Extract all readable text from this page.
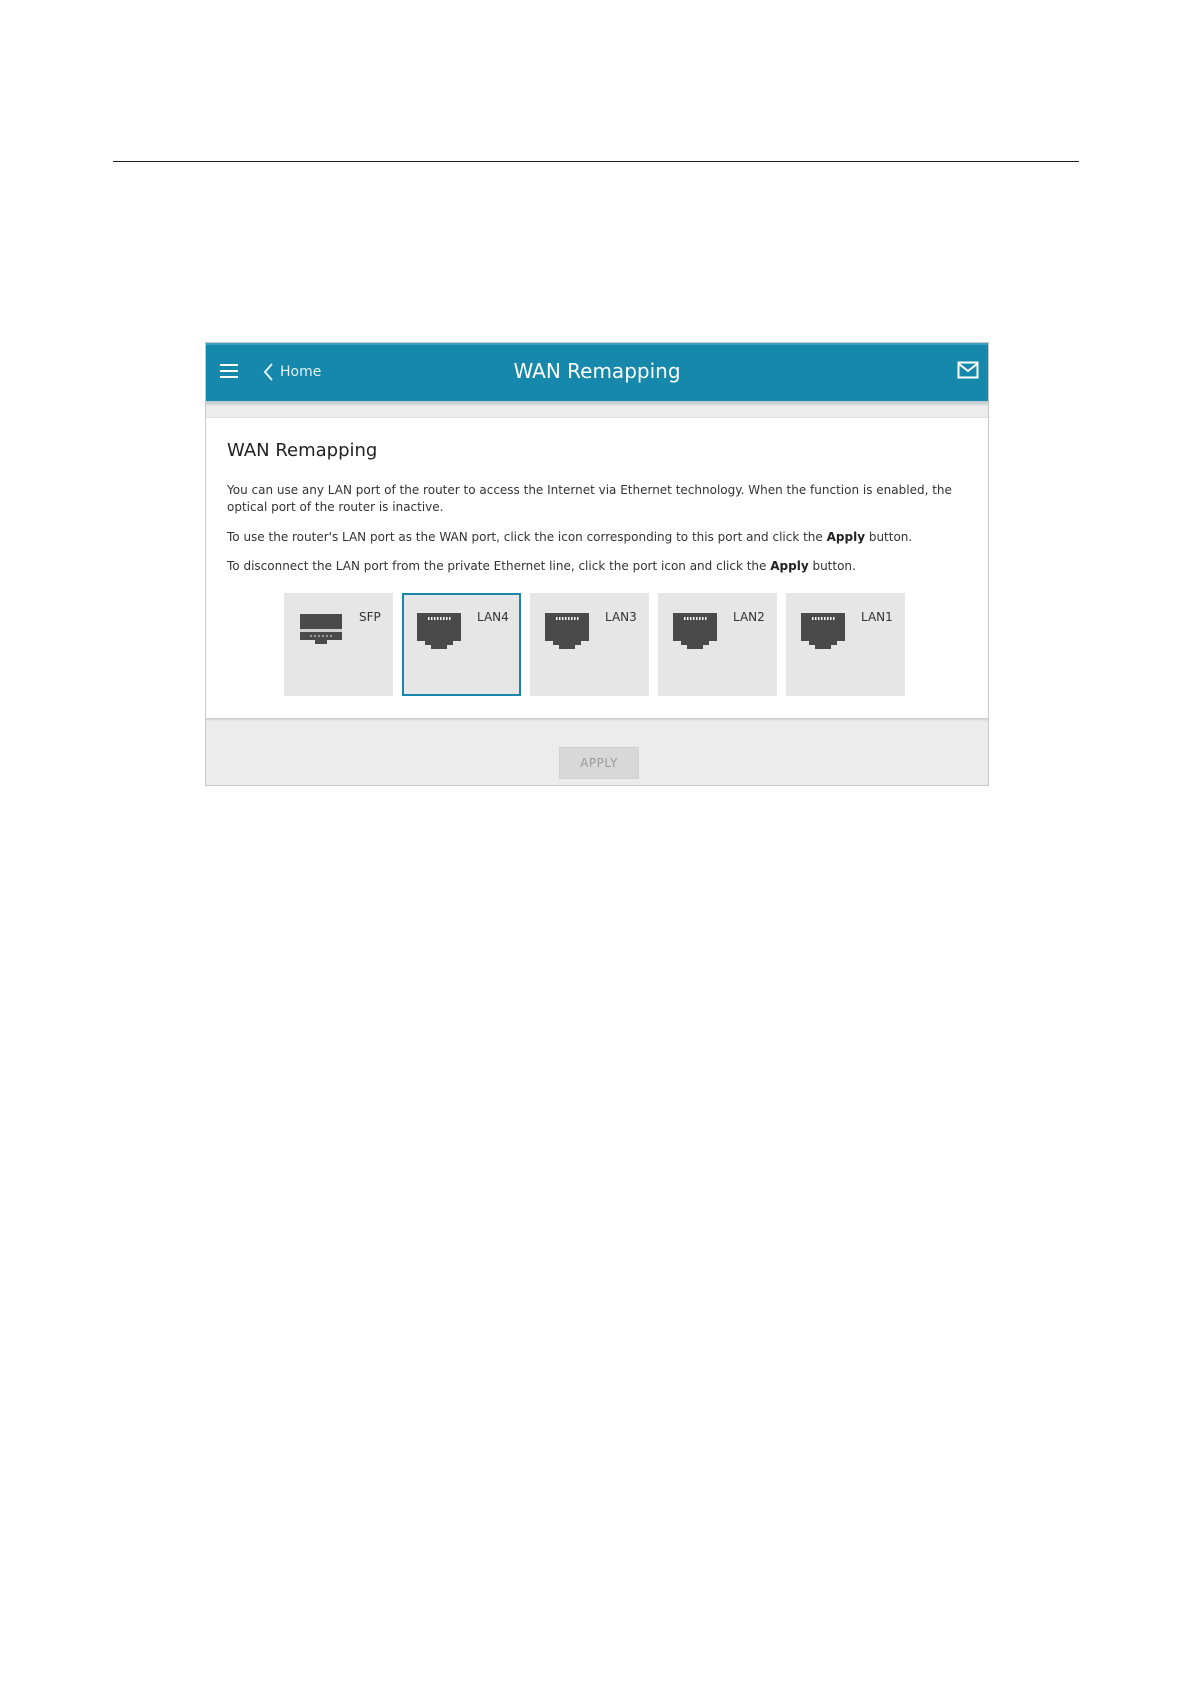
Home	WAN Remapping
WAN Remapping

You can use any LAN port of the router to access the Internet via Ethernet technology. When the function is enabled, the optical port of the router is inactive.

To use the router's LAN port as the WAN port, click the icon corresponding to this port and click the Apply button.

To disconnect the LAN port from the private Ethernet line, click the port icon and click the Apply button.

SFP	LAN4	LAN3	LAN2	LAN1
APPLY
